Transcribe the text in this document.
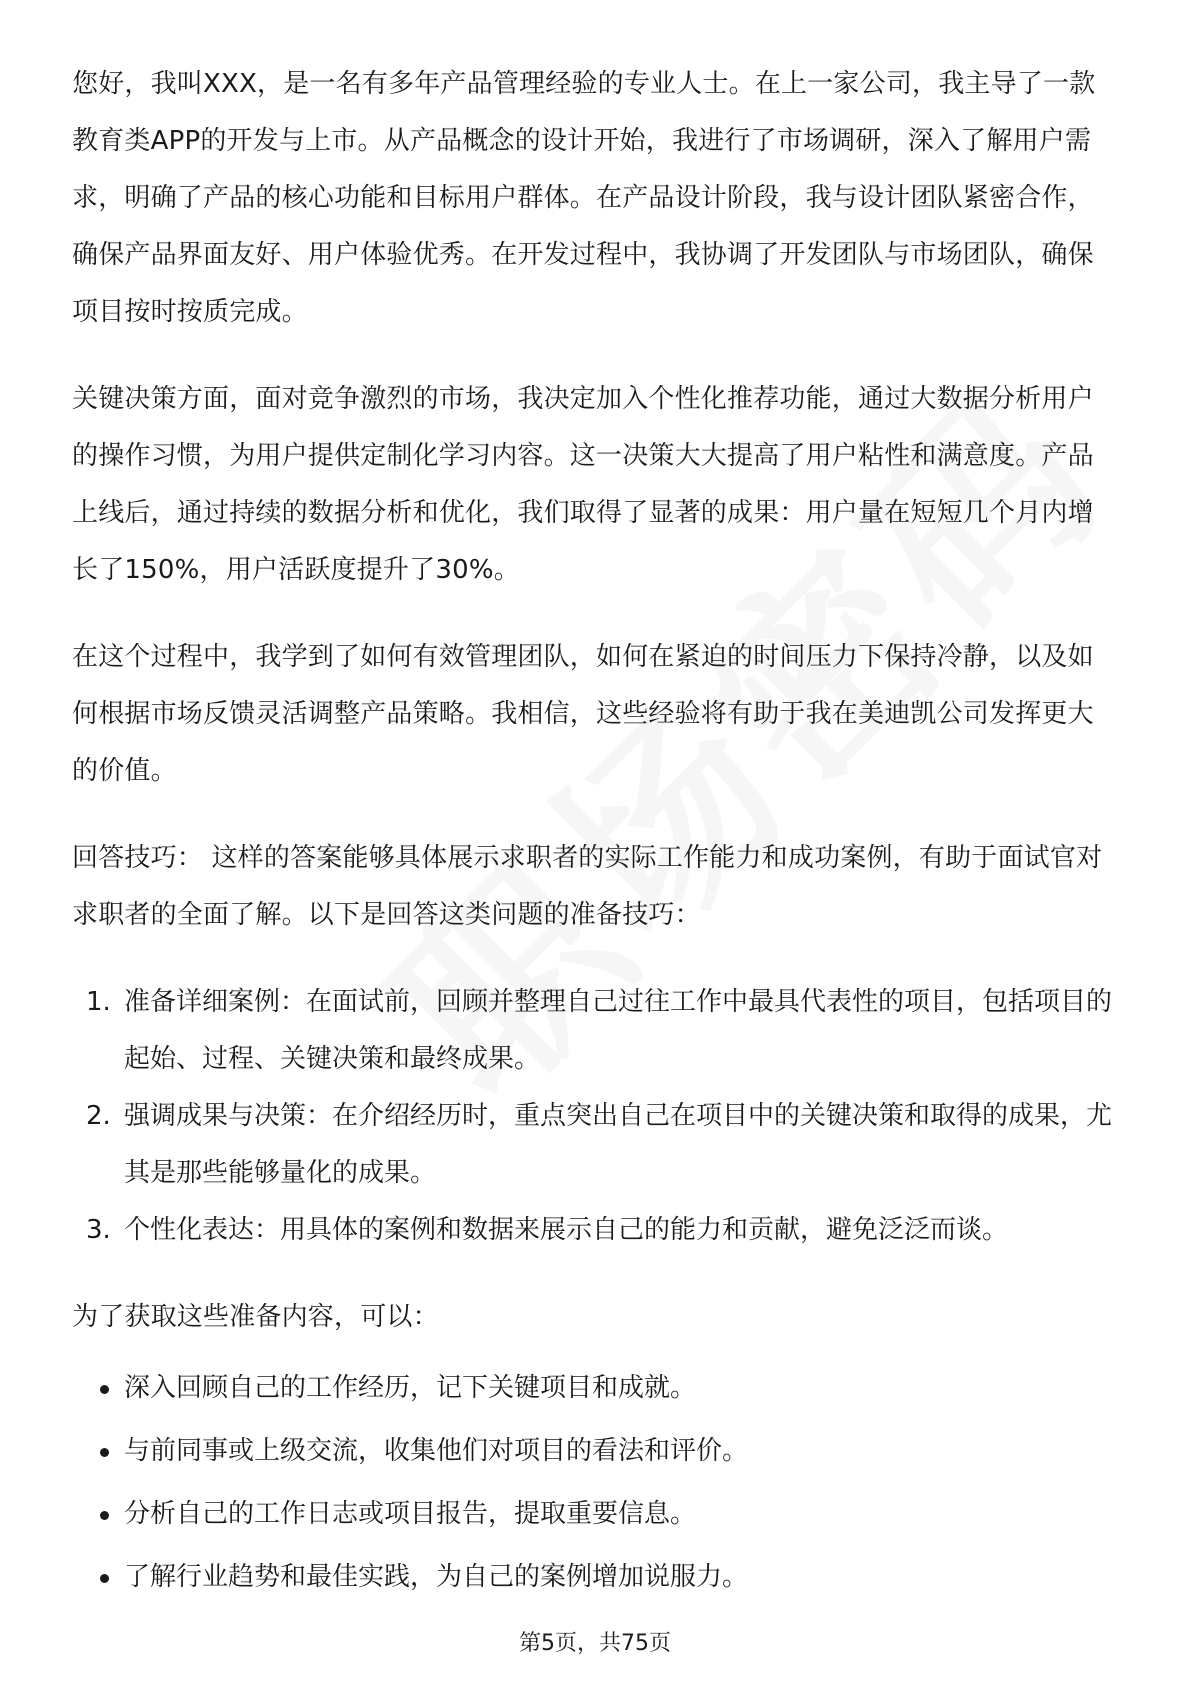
您好，我叫XXX，是一名有多年产品管理经验的专业人士。在上一家公司，我主导了一款教育类APP的开发与上市。从产品概念的设计开始，我进行了市场调研，深入了解用户需求，明确了产品的核心功能和目标用户群体。在产品设计阶段，我与设计团队紧密合作，确保产品界面友好、用户体验优秀。在开发过程中，我协调了开发团队与市场团队，确保项目按时按质完成。

关键决策方面，面对竞争激烈的市场，我决定加入个性化推荐功能，通过大数据分析用户的操作习惯，为用户提供定制化学习内容。这一决策大大提高了用户粘性和满意度。产品上线后，通过持续的数据分析和优化，我们取得了显著的成果：用户量在短短几个月内增长了150%，用户活跃度提升了30%。

在这个过程中，我学到了如何有效管理团队，如何在紧迫的时间压力下保持冷静，以及如何根据市场反馈灵活调整产品策略。我相信，这些经验将有助于我在美迪凯公司发挥更大的价值。

回答技巧： 这样的答案能够具体展示求职者的实际工作能力和成功案例，有助于面试官对求职者的全面了解。以下是回答这类问题的准备技巧：

1. 准备详细案例：在面试前，回顾并整理自己过往工作中最具代表性的项目，包括项目的起始、过程、关键决策和最终成果。
2. 强调成果与决策：在介绍经历时，重点突出自己在项目中的关键决策和取得的成果，尤其是那些能够量化的成果。
3. 个性化表达：用具体的案例和数据来展示自己的能力和贡献，避免泛泛而谈。

为了获取这些准备内容，可以：

深入回顾自己的工作经历，记下关键项目和成就。
与前同事或上级交流，收集他们对项目的看法和评价。
分析自己的工作日志或项目报告，提取重要信息。
了解行业趋势和最佳实践，为自己的案例增加说服力。
第5页，共75页
